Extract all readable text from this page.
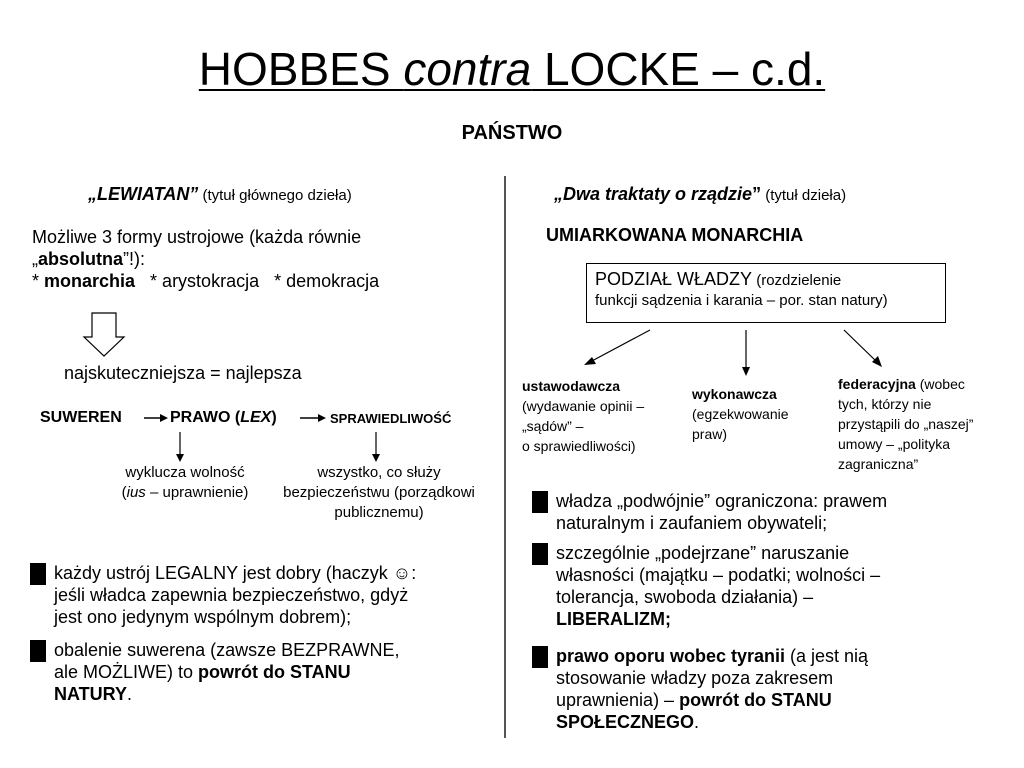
HOBBES contra LOCKE – c.d.
PAŃSTWO
„LEWIATAN” (tytuł głównego dzieła)
Możliwe 3 formy ustrojowe (każda równie
„absolutna”!):
* monarchia   * arystokracja   * demokracja
najskuteczniejsza = najlepsza
SUWEREN	PRAWO (LEX)	SPRAWIEDLIWOŚĆ
wyklucza wolność
(ius – uprawnienie)
wszystko, co służy
bezpieczeństwu (porządkowi
publicznemu)
każdy ustrój LEGALNY jest dobry (haczyk ☺:
jeśli władca zapewnia bezpieczeństwo, gdyż
jest ono jedynym wspólnym dobrem);
obalenie suwerena (zawsze BEZPRAWNE,
ale MOŻLIWE) to powrót do STANU
NATURY.
„Dwa traktaty o rządzie” (tytuł dzieła)
UMIARKOWANA MONARCHIA
PODZIAŁ WŁADZY (rozdzielenie
funkcji sądzenia i karania – por. stan natury)
ustawodawcza
(wydawanie opinii –
„sądów” –
o sprawiedliwości)
wykonawcza
(egzekwowanie
praw)
federacyjna (wobec
tych, którzy nie
przystąpili do „naszej”
umowy – „polityka
zagraniczna”
władza „podwójnie” ograniczona: prawem
naturalnym i zaufaniem obywateli;
szczególnie „podejrzane” naruszanie
własności (majątku – podatki; wolności –
tolerancja, swoboda działania) –
LIBERALIZM;
prawo oporu wobec tyranii (a jest nią
stosowanie władzy poza zakresem
uprawnienia) – powrót do STANU
SPOŁECZNEGO.
